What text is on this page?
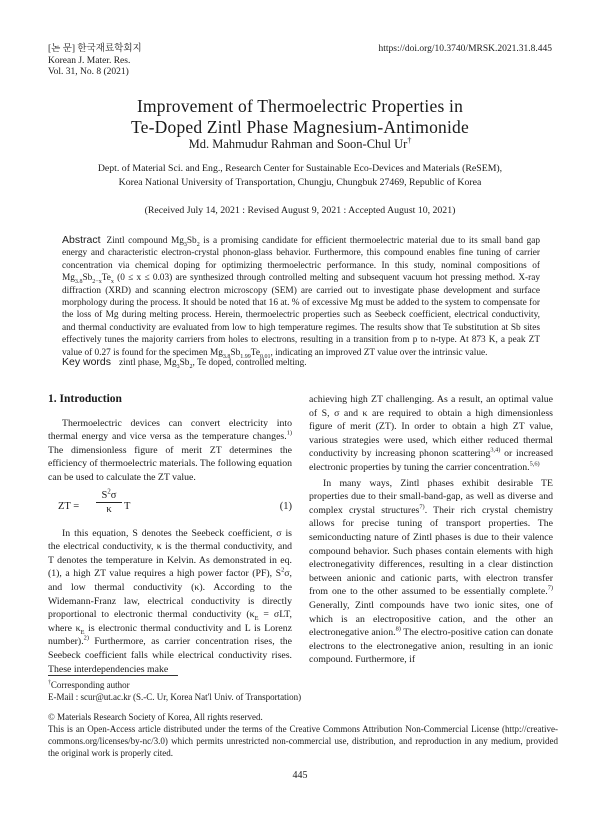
[논 문] 한국재료학회지
Korean J. Mater. Res.
Vol. 31, No. 8 (2021)
https://doi.org/10.3740/MRSK.2021.31.8.445
Improvement of Thermoelectric Properties in
Te-Doped Zintl Phase Magnesium-Antimonide
Md. Mahmudur Rahman and Soon-Chul Ur†
Dept. of Material Sci. and Eng., Research Center for Sustainable Eco-Devices and Materials (ReSEM),
Korea National University of Transportation, Chungju, Chungbuk 27469, Republic of Korea
(Received July 14, 2021 : Revised August 9, 2021 : Accepted August 10, 2021)
Abstract Zintl compound $Mg_3Sb_2$ is a promising candidate for efficient thermoelectric material due to its small band gap energy and characteristic electron-crystal phonon-glass behavior. Furthermore, this compound enables fine tuning of carrier concentration via chemical doping for optimizing thermoelectric performance. In this study, nominal compositions of $Mg_{3.8}Sb_{2-x}Te_x$ (0 ≤ x ≤ 0.03) are synthesized through controlled melting and subsequent vacuum hot pressing method. X-ray diffraction (XRD) and scanning electron microscopy (SEM) are carried out to investigate phase development and surface morphology during the process. It should be noted that 16 at. % of excessive Mg must be added to the system to compensate for the loss of Mg during melting process. Herein, thermoelectric properties such as Seebeck coefficient, electrical conductivity, and thermal conductivity are evaluated from low to high temperature regimes. The results show that Te substitution at Sb sites effectively tunes the majority carriers from holes to electrons, resulting in a transition from p to n-type. At 873 K, a peak ZT value of 0.27 is found for the specimen $Mg_{3.8}Sb_{1.99}Te_{0.01}$, indicating an improved ZT value over the intrinsic value.
Key words zintl phase, $Mg_3Sb_2$, Te doped, controlled melting.
1. Introduction

Thermoelectric devices can convert electricity into thermal energy and vice versa as the temperature changes.$^{1)}$ The dimensionless figure of merit ZT determines the efficiency of thermoelectric materials. The following equation can be used to calculate the ZT value.

ZT =
$S^2\sigma$
κ	T	(1)

In this equation, S denotes the Seebeck coefficient, σ is the electrical conductivity, κ is the thermal conductivity, and T denotes the temperature in Kelvin. As demonstrated in eq. (1), a high ZT value requires a high power factor (PF), $S^2\sigma$, and low thermal conductivity (κ). According to the Widemann-Franz law, electrical conductivity is directly proportional to electronic thermal conductivity ($\kappa_E = \sigma LT$, where $\kappa_E$ is electronic thermal conductivity and L is Lorenz number).$^{2)}$ Furthermore, as carrier concentration rises, the Seebeck coefficient falls while electrical conductivity rises. These interdependencies make

achieving high ZT challenging. As a result, an optimal value of S, σ and κ are required to obtain a high dimensionless figure of merit (ZT). In order to obtain a high ZT value, various strategies were used, which either reduced thermal conductivity by increasing phonon scattering$^{3,4)}$ or increased electronic properties by tuning the carrier concentration.$^{5,6)}$

In many ways, Zintl phases exhibit desirable TE properties due to their small-band-gap, as well as diverse and complex crystal structures$^{7)}$. Their rich crystal chemistry allows for precise tuning of transport properties. The semiconducting nature of Zintl phases is due to their valence compound behavior. Such phases contain elements with high electronegativity differences, resulting in a clear distinction between anionic and cationic parts, with electron transfer from one to the other assumed to be essentially complete.$^{7)}$ Generally, Zintl compounds have two ionic sites, one of which is an electropositive cation, and the other an electronegative anion.$^{8)}$ The electro-positive cation can donate electrons to the electronegative anion, resulting in an ionic compound. Furthermore, if

†Corresponding author
E-Mail : scur@ut.ac.kr (S.-C. Ur, Korea Nat'l Univ. of Transportation)
© Materials Research Society of Korea, All rights reserved.
This is an Open-Access article distributed under the terms of the Creative Commons Attribution Non-Commercial License (http://creative-commons.org/licenses/by-nc/3.0) which permits unrestricted non-commercial use, distribution, and reproduction in any medium, provided the original work is properly cited.
445
